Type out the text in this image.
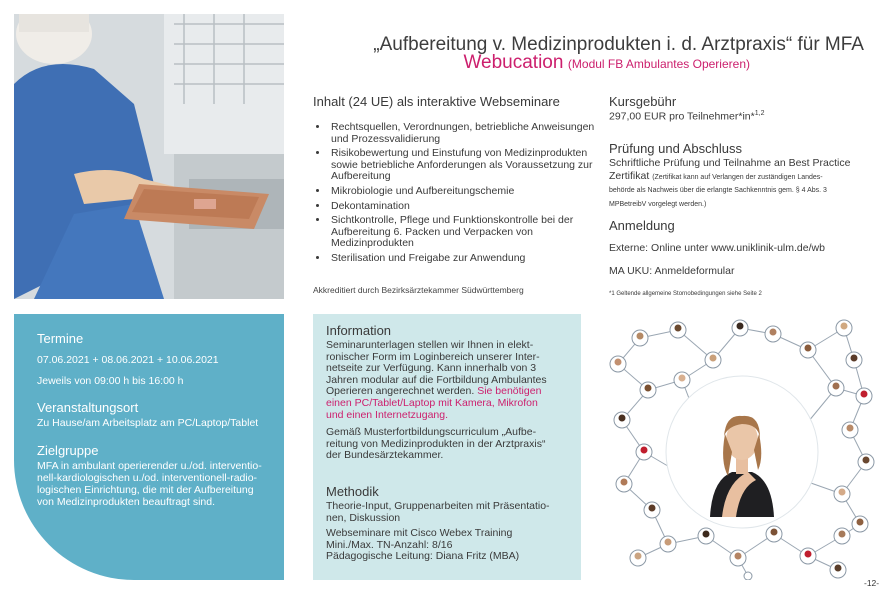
„Aufbereitung v. Medizinprodukten i. d. Arztpraxis“ für MFA
Webucation (Modul FB Ambulantes Operieren)
Inhalt (24 UE) als interaktive Webseminare
• Rechtsquellen, Verordnungen, betriebliche Anweisungen und Prozessvalidierung
• Risikobewertung und Einstufung von Medizinprodukten sowie betriebliche Anforderungen als Voraussetzung zur Aufbereitung
• Mikrobiologie und Aufbereitungschemie
• Dekontamination
• Sichtkontrolle, Pflege und Funktionskontrolle bei der Aufbereitung 6. Packen und Verpacken von Medizinprodukten
• Sterilisation und Freigabe zur Anwendung
Akkreditiert durch Bezirksärztekammer Südwürttemberg
Kursgebühr
297,00 EUR pro Teilnehmer*in*$^{1,2}$
Prüfung und Abschluss
Schriftliche Prüfung und Teilnahme an Best Practice
Zertifikat (Zertifikat kann auf Verlangen der zuständigen Landes-
behörde als Nachweis über die erlangte Sachkenntnis gem. § 4 Abs. 3
MPBetreibV vorgelegt werden.)
Anmeldung
Externe: Online unter www.uniklinik-ulm.de/wb
MA UKU: Anmeldeformular
*1 Geltende allgemeine Stornobedingungen siehe Seite 2
Termine
07.06.2021 + 08.06.2021 + 10.06.2021
Jeweils von 09:00 h bis 16:00 h
Veranstaltungsort
Zu Hause/am Arbeitsplatz am PC/Laptop/Tablet
Zielgruppe
MFA in ambulant operierender u./od. interventio-
nell-kardiologischen u./od. interventionell-radio-
logischen Einrichtung, die mit der Aufbereitung
von Medizinprodukten beauftragt sind.
Information
Seminarunterlagen stellen wir Ihnen in elekt-
ronischer Form im Loginbereich unserer Inter-
netseite zur Verfügung. Kann innerhalb von 3
Jahren modular auf die Fortbildung Ambulantes
Operieren angerechnet werden. Sie benötigen
einen PC/Tablet/Laptop mit Kamera, Mikrofon
und einen Internetzugang.
Gemäß Musterfortbildungscurriculum „Aufbe-
reitung von Medizinprodukten in der Arztpraxis“
der Bundesärztekammer.
Methodik
Theorie-Input, Gruppenarbeiten mit Präsentatio-
nen, Diskussion
Webseminare mit Cisco Webex Training
Mini./Max. TN-Anzahl: 8/16
Pädagogische Leitung: Diana Fritz (MBA)
-12-
